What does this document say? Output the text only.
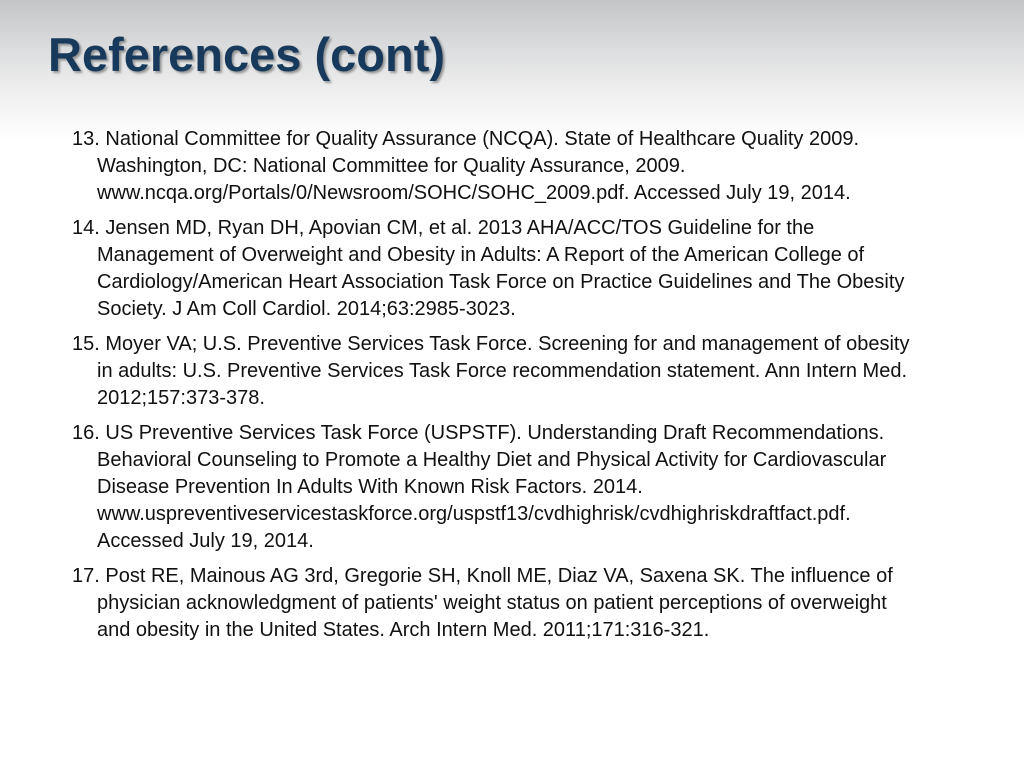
References (cont)
13. National Committee for Quality Assurance (NCQA). State of Healthcare Quality 2009. Washington, DC: National Committee for Quality Assurance, 2009. www.ncqa.org/Portals/0/Newsroom/SOHC/SOHC_2009.pdf. Accessed July 19, 2014.
14. Jensen MD, Ryan DH, Apovian CM, et al. 2013 AHA/ACC/TOS Guideline for the Management of Overweight and Obesity in Adults: A Report of the American College of Cardiology/American Heart Association Task Force on Practice Guidelines and The Obesity Society. J Am Coll Cardiol. 2014;63:2985-3023.
15. Moyer VA; U.S. Preventive Services Task Force. Screening for and management of obesity in adults: U.S. Preventive Services Task Force recommendation statement. Ann Intern Med. 2012;157:373-378.
16. US Preventive Services Task Force (USPSTF). Understanding Draft Recommendations. Behavioral Counseling to Promote a Healthy Diet and Physical Activity for Cardiovascular Disease Prevention In Adults With Known Risk Factors. 2014. www.uspreventiveservicestaskforce.org/uspstf13/cvdhighrisk/cvdhighriskdraftfact.pdf. Accessed July 19, 2014.
17. Post RE, Mainous AG 3rd, Gregorie SH, Knoll ME, Diaz VA, Saxena SK. The influence of physician acknowledgment of patients' weight status on patient perceptions of overweight and obesity in the United States. Arch Intern Med. 2011;171:316-321.
